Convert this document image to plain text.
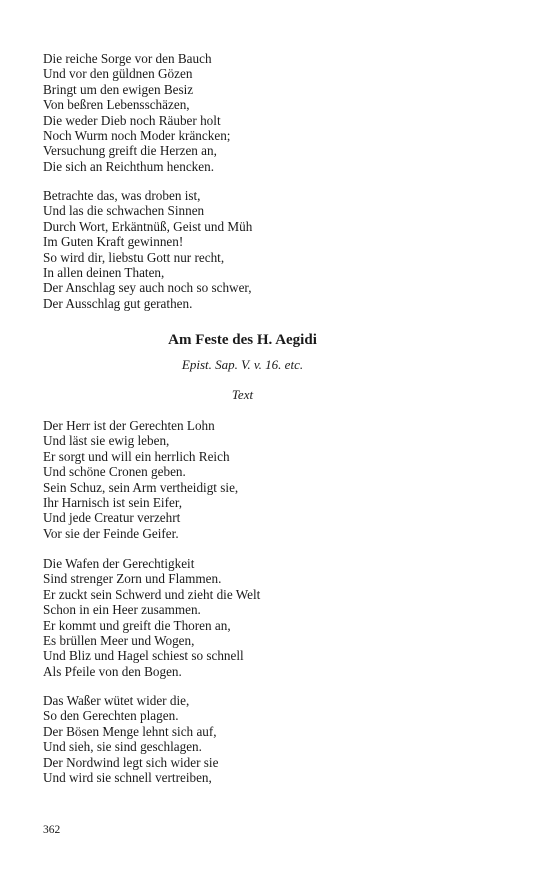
Die reiche Sorge vor den Bauch
Und vor den güldnen Gözen
Bringt um den ewigen Besiz
Von beßren Lebensschäzen,
Die weder Dieb noch Räuber holt
Noch Wurm noch Moder kräncken;
Versuchung greift die Herzen an,
Die sich an Reichthum hencken.
Betrachte das, was droben ist,
Und las die schwachen Sinnen
Durch Wort, Erkäntnüß, Geist und Müh
Im Guten Kraft gewinnen!
So wird dir, liebstu Gott nur recht,
In allen deinen Thaten,
Der Anschlag sey auch noch so schwer,
Der Ausschlag gut gerathen.
Am Feste des H. Aegidi
Epist. Sap. V. v. 16. etc.
Text
Der Herr ist der Gerechten Lohn
Und läst sie ewig leben,
Er sorgt und will ein herrlich Reich
Und schöne Cronen geben.
Sein Schuz, sein Arm vertheidigt sie,
Ihr Harnisch ist sein Eifer,
Und jede Creatur verzehrt
Vor sie der Feinde Geifer.
Die Wafen der Gerechtigkeit
Sind strenger Zorn und Flammen.
Er zuckt sein Schwerd und zieht die Welt
Schon in ein Heer zusammen.
Er kommt und greift die Thoren an,
Es brüllen Meer und Wogen,
Und Bliz und Hagel schiest so schnell
Als Pfeile von den Bogen.
Das Waßer wütet wider die,
So den Gerechten plagen.
Der Bösen Menge lehnt sich auf,
Und sieh, sie sind geschlagen.
Der Nordwind legt sich wider sie
Und wird sie schnell vertreiben,
362
